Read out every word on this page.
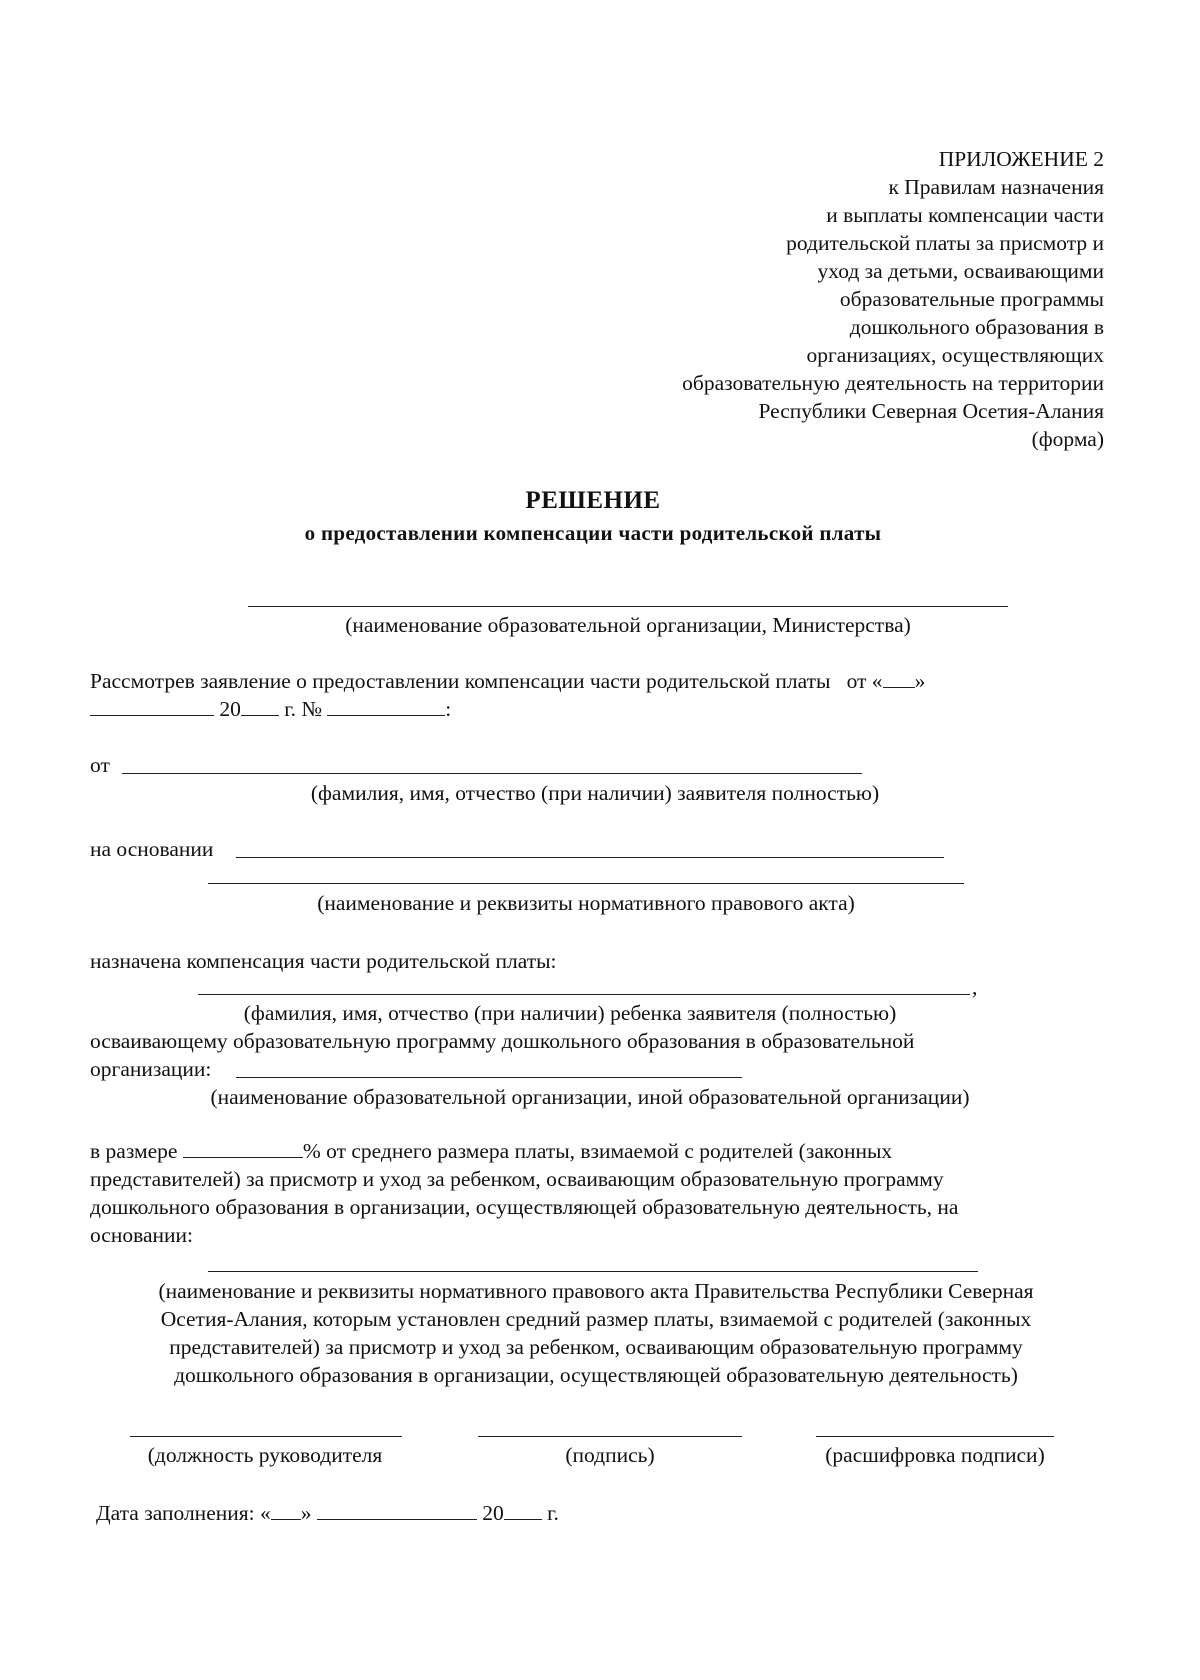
ПРИЛОЖЕНИЕ 2
к Правилам назначения
и выплаты компенсации части
родительской платы за присмотр и
уход за детьми, осваивающими
образовательные программы
дошкольного образования в
организациях, осуществляющих
образовательную деятельность на территории
Республики Северная Осетия-Алания
(форма)
РЕШЕНИЕ
о предоставлении компенсации части родительской платы
(наименование образовательной организации, Министерства)
Рассмотрев заявление о предоставлении компенсации части родительской платы от « »
20 г. №	:
от
(фамилия, имя, отчество (при наличии) заявителя полностью)
на основании
(наименование и реквизиты нормативного правового акта)
назначена компенсация части родительской платы:
,
(фамилия, имя, отчество (при наличии) ребенка заявителя (полностью)
осваивающему образовательную программу дошкольного образования в образовательной
организации:
(наименование образовательной организации, иной образовательной организации)
в размере	% от среднего размера платы, взимаемой с родителей (законных
представителей) за присмотр и уход за ребенком, осваивающим образовательную программу
дошкольного образования в организации, осуществляющей образовательную деятельность, на
основании:
(наименование и реквизиты нормативного правового акта Правительства Республики Северная
Осетия-Алания, которым установлен средний размер платы, взимаемой с родителей (законных
представителей) за присмотр и уход за ребенком, осваивающим образовательную программу
дошкольного образования в организации, осуществляющей образовательную деятельность)
(должность руководителя	(подпись)	(расшифровка подписи)
Дата заполнения: « »	20 г.
